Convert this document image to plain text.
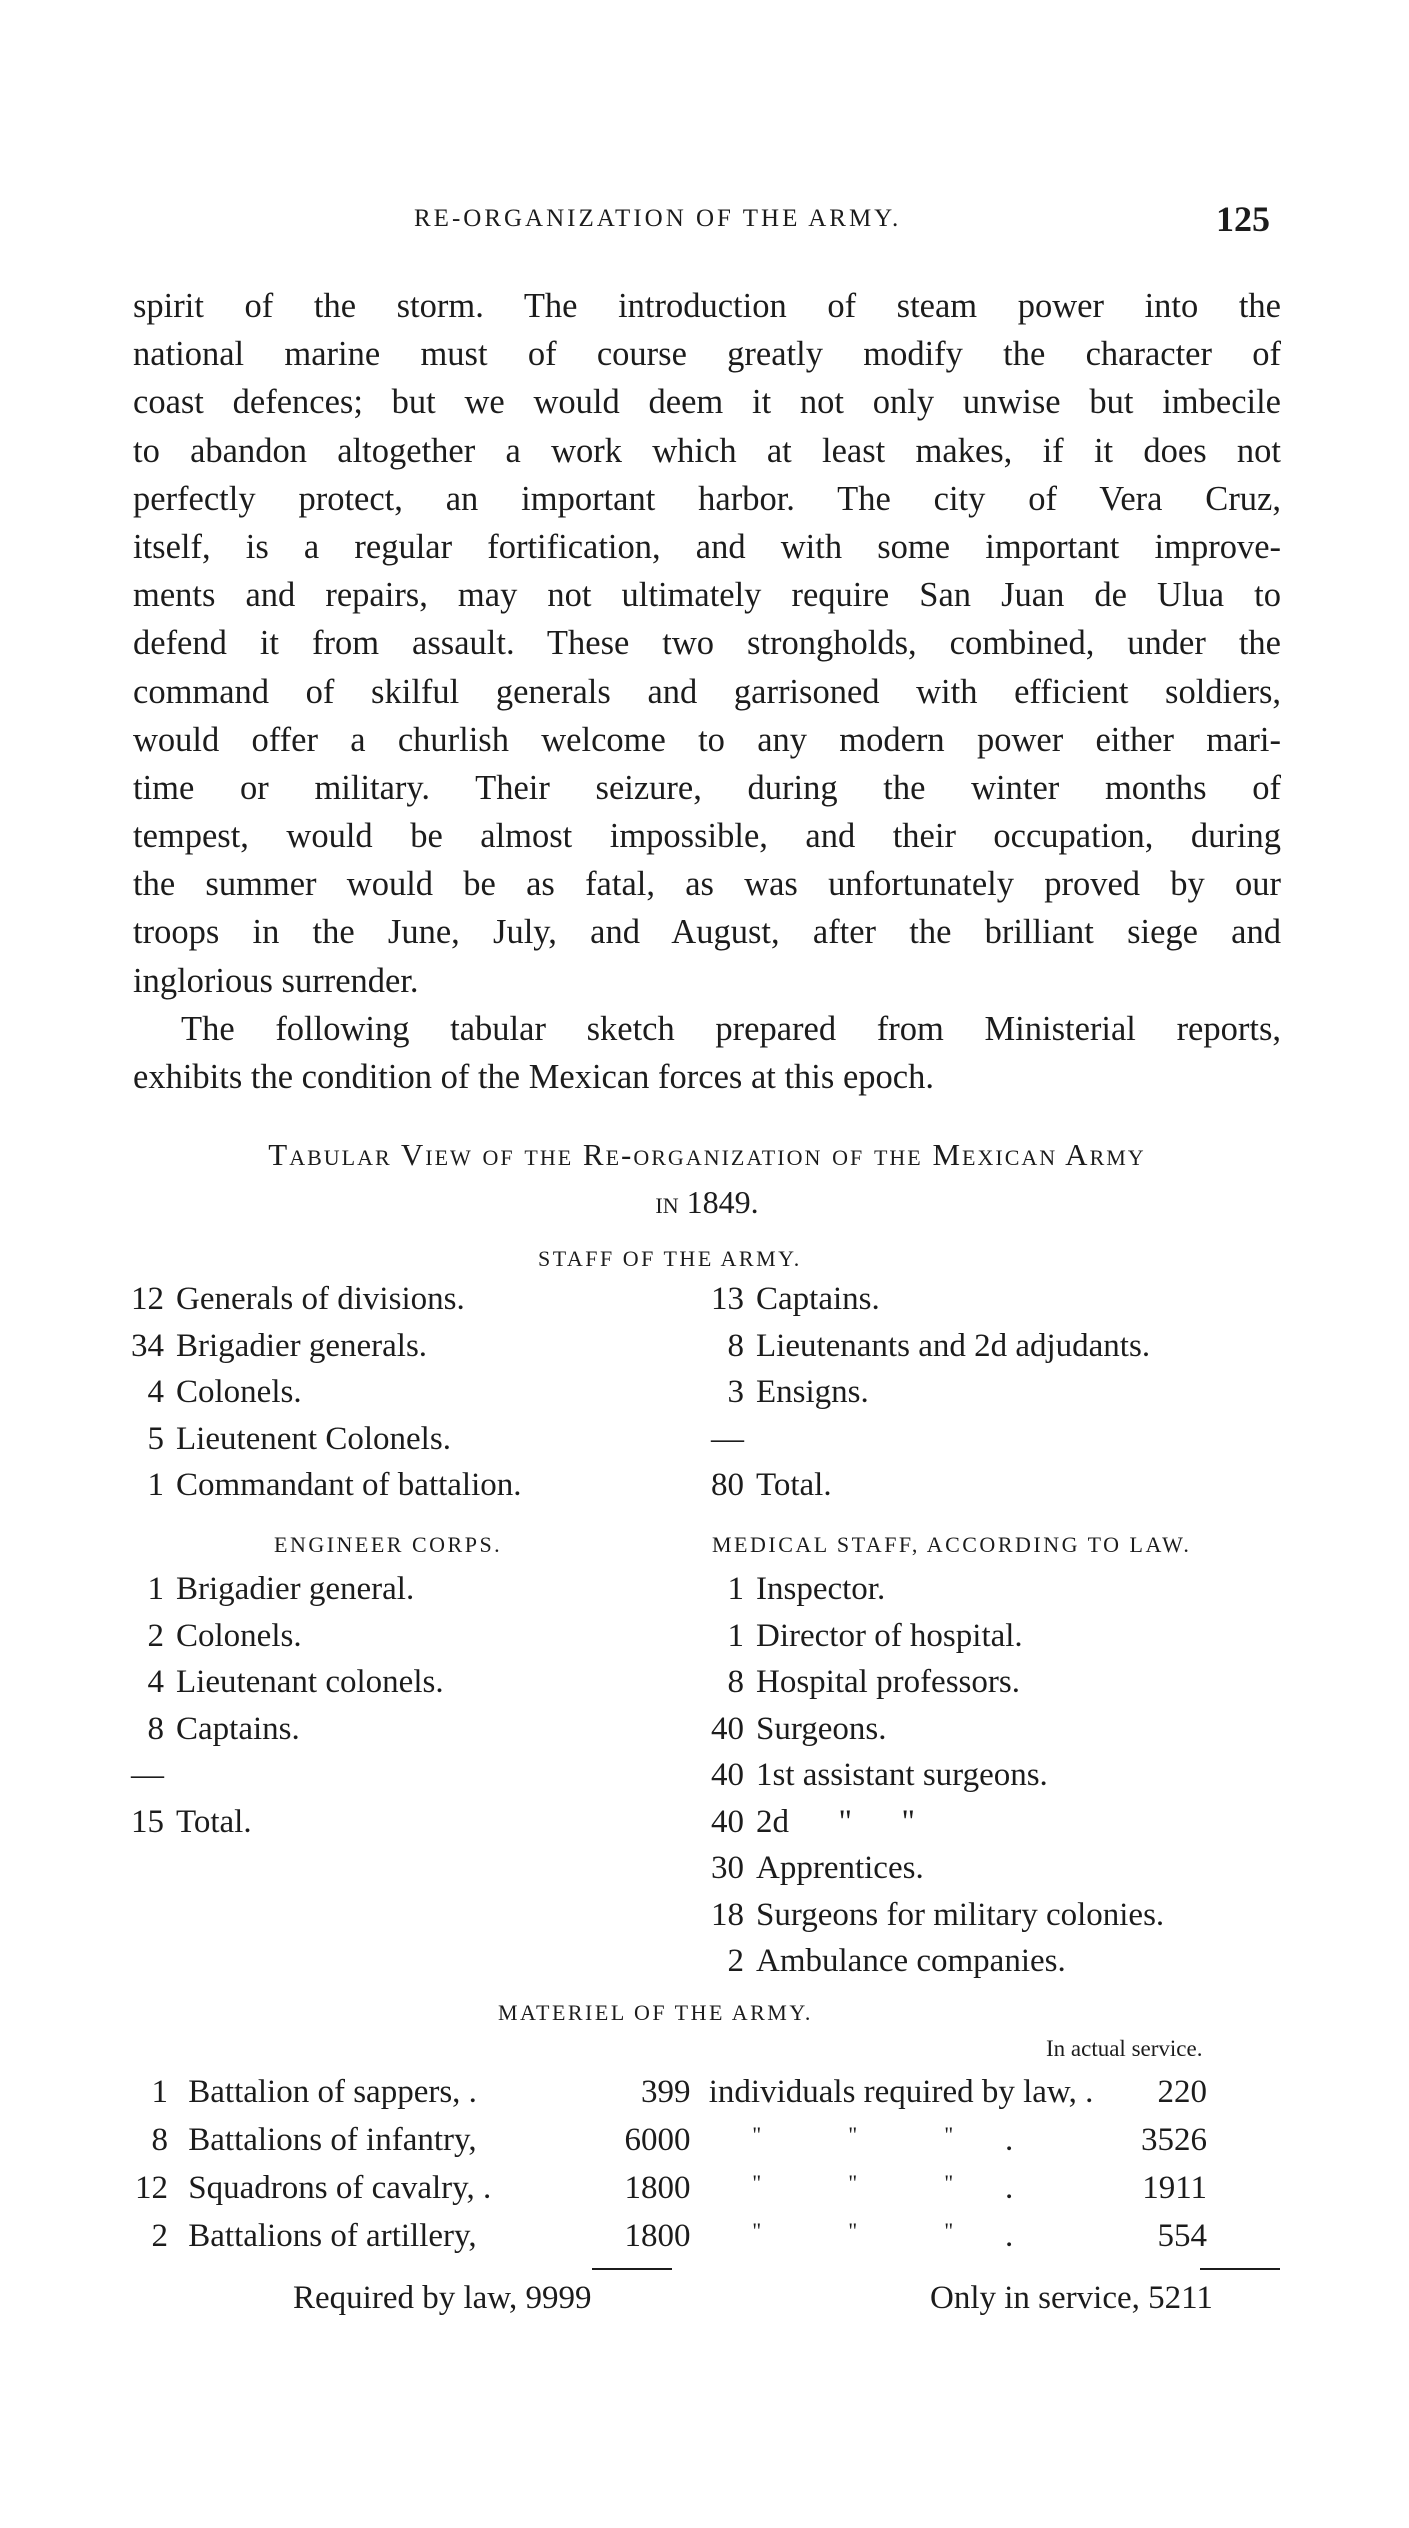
RE-ORGANIZATION OF THE ARMY.	125
spirit of the storm. The introduction of steam power into the
national marine must of course greatly modify the character of
coast defences; but we would deem it not only unwise but imbecile
to abandon altogether a work which at least makes, if it does not
perfectly protect, an important harbor. The city of Vera Cruz,
itself, is a regular fortification, and with some important improve-
ments and repairs, may not ultimately require San Juan de Ulua to
defend it from assault. These two strongholds, combined, under the
command of skilful generals and garrisoned with efficient soldiers,
would offer a churlish welcome to any modern power either mari-
time or military. Their seizure, during the winter months of
tempest, would be almost impossible, and their occupation, during
the summer would be as fatal, as was unfortunately proved by our
troops in the June, July, and August, after the brilliant siege and
inglorious surrender.
The following tabular sketch prepared from Ministerial reports,
exhibits the condition of the Mexican forces at this epoch.
Tabular View of the Re-organization of the Mexican Army
in 1849.
STAFF OF THE ARMY.
12 Generals of divisions.
34 Brigadier generals.
4 Colonels.
5 Lieutenent Colonels.
1 Commandant of battalion.
13 Captains.
8 Lieutenants and 2d adjudants.
3 Ensigns.
—
80 Total.
ENGINEER CORPS.	MEDICAL STAFF, ACCORDING TO LAW.
1 Brigadier general.
2 Colonels.
4 Lieutenant colonels.
8 Captains.
—
15 Total.
1 Inspector.
1 Director of hospital.
8 Hospital professors.
40 Surgeons.
40 1st assistant surgeons.
40 2d      "      "
30 Apprentices.
18 Surgeons for military colonies.
2 Ambulance companies.
MATERIEL OF THE ARMY.
In actual service.
1 Battalion of sappers, .	399 individuals required by law, . 220
8 Battalions of infantry,	6000	"	"	" .	3526
12 Squadrons of cavalry, .	1800	"	"	" .	1911
2 Battalions of artillery,	1800	"	"	" .	554
Required by law, 9999	Only in service, 5211
